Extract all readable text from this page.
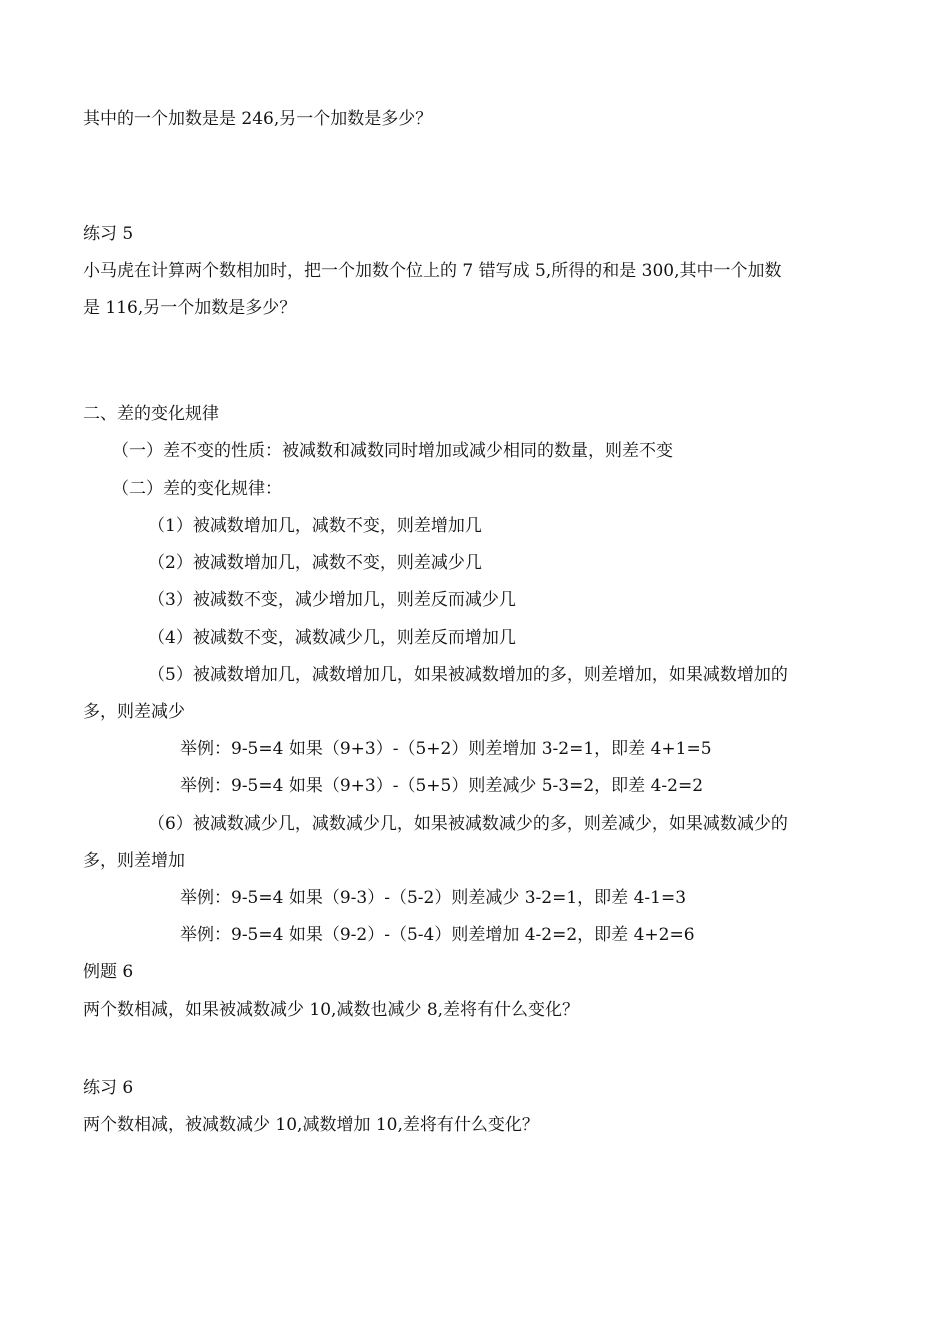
其中的一个加数是是 246,另一个加数是多少？
练习 5
小马虎在计算两个数相加时，把一个加数个位上的 7 错写成 5,所得的和是 300,其中一个加数
是 116,另一个加数是多少？
二、差的变化规律
（一）差不变的性质：被减数和减数同时增加或减少相同的数量，则差不变
（二）差的变化规律：
（1）被减数增加几，减数不变，则差增加几
（2）被减数增加几，减数不变，则差减少几
（3）被减数不变，减少增加几，则差反而减少几
（4）被减数不变，减数减少几，则差反而增加几
（5）被减数增加几，减数增加几，如果被减数增加的多，则差增加，如果减数增加的
多，则差减少
举例：9-5=4 如果（9+3）-（5+2）则差增加 3-2=1，即差 4+1=5
举例：9-5=4 如果（9+3）-（5+5）则差减少 5-3=2，即差 4-2=2
（6）被减数减少几，减数减少几，如果被减数减少的多，则差减少，如果减数减少的
多，则差增加
举例：9-5=4 如果（9-3）-（5-2）则差减少 3-2=1，即差 4-1=3
举例：9-5=4 如果（9-2）-（5-4）则差增加 4-2=2，即差 4+2=6
例题 6
两个数相减，如果被减数减少 10,减数也减少 8,差将有什么变化？
练习 6
两个数相减，被减数减少 10,减数增加 10,差将有什么变化？
